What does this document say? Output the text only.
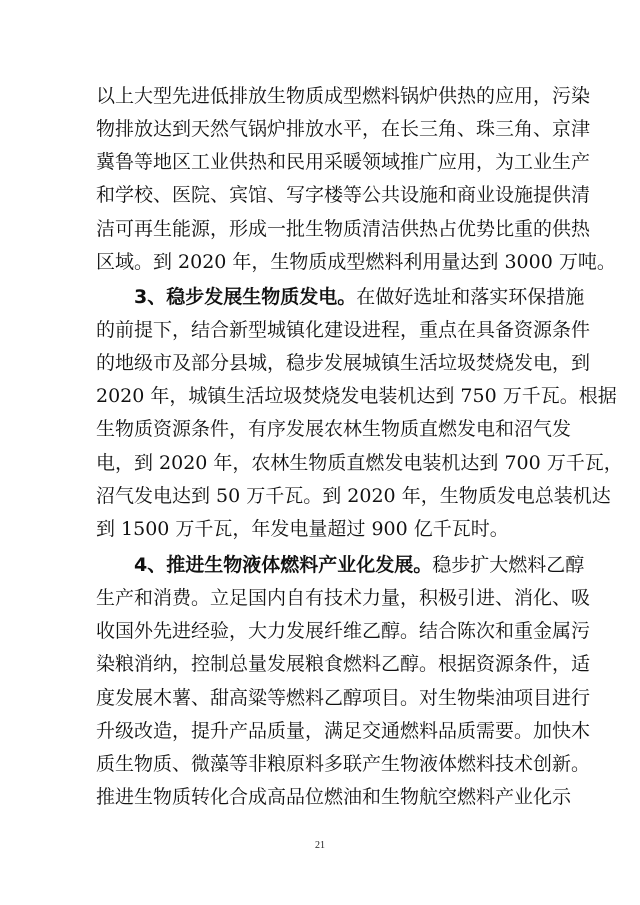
以上大型先进低排放生物质成型燃料锅炉供热的应用，污染
物排放达到天然气锅炉排放水平，在长三角、珠三角、京津
冀鲁等地区工业供热和民用采暖领域推广应用，为工业生产
和学校、医院、宾馆、写字楼等公共设施和商业设施提供清
洁可再生能源，形成一批生物质清洁供热占优势比重的供热
区域。到 2020 年，生物质成型燃料利用量达到 3000 万吨。
3、稳步发展生物质发电。在做好选址和落实环保措施
的前提下，结合新型城镇化建设进程，重点在具备资源条件
的地级市及部分县城，稳步发展城镇生活垃圾焚烧发电，到
2020 年，城镇生活垃圾焚烧发电装机达到 750 万千瓦。根据
生物质资源条件，有序发展农林生物质直燃发电和沼气发
电，到 2020 年，农林生物质直燃发电装机达到 700 万千瓦，
沼气发电达到 50 万千瓦。到 2020 年，生物质发电总装机达
到 1500 万千瓦，年发电量超过 900 亿千瓦时。
4、推进生物液体燃料产业化发展。稳步扩大燃料乙醇
生产和消费。立足国内自有技术力量，积极引进、消化、吸
收国外先进经验，大力发展纤维乙醇。结合陈次和重金属污
染粮消纳，控制总量发展粮食燃料乙醇。根据资源条件，适
度发展木薯、甜高粱等燃料乙醇项目。对生物柴油项目进行
升级改造，提升产品质量，满足交通燃料品质需要。加快木
质生物质、微藻等非粮原料多联产生物液体燃料技术创新。
推进生物质转化合成高品位燃油和生物航空燃料产业化示
21
